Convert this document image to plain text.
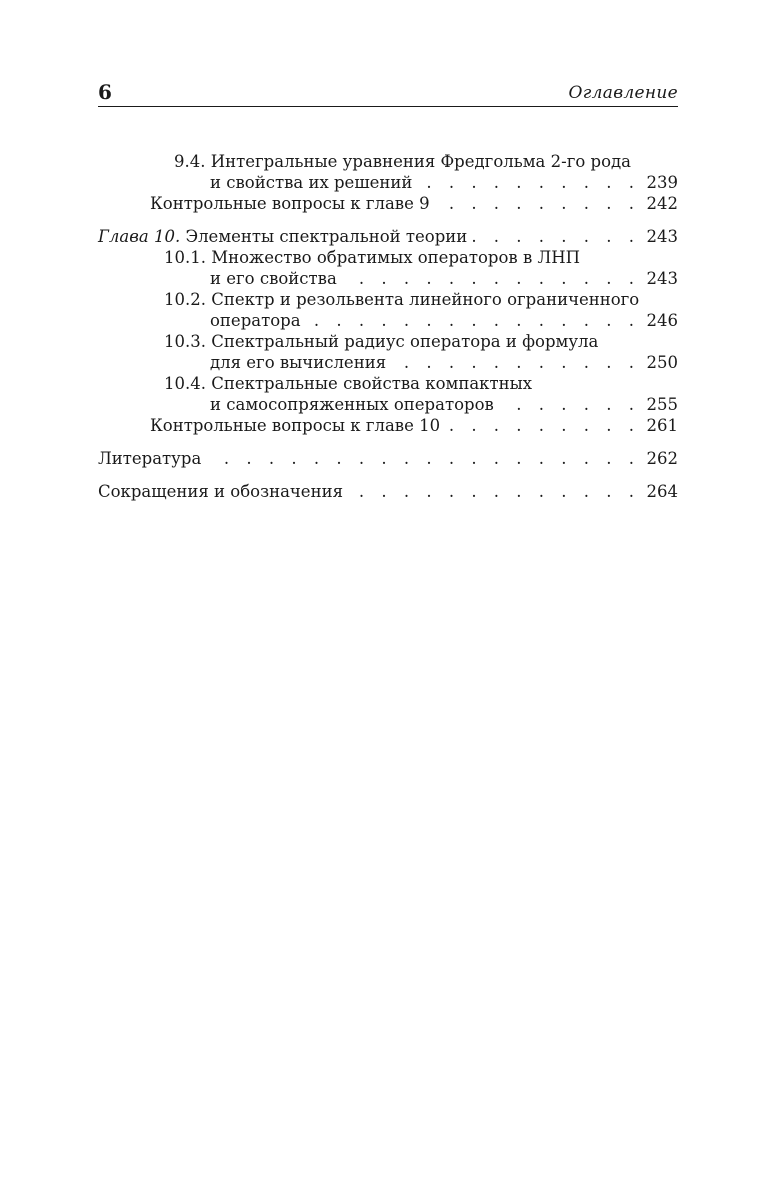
6	Оглавление
9.4. Интегральные уравнения Фредгольма 2-го рода
. . .
и свойства их решений	239
. . .
Контрольные вопросы к главе 9	242
. . .
Глава 10. Элементы спектральной теории	243
10.1. Множество обратимых операторов в ЛНП
. . .
и его свойства	243
10.2. Спектр и резольвента линейного ограниченного
. . .
оператора	246
10.3. Спектральный радиус оператора и формула
. . .
для его вычисления	250
10.4. Спектральные свойства компактных
. . .
и самосопряженных операторов	255
. . .
Контрольные вопросы к главе 10	261
. . .
Литература	262
. . .
Сокращения и обозначения	264
